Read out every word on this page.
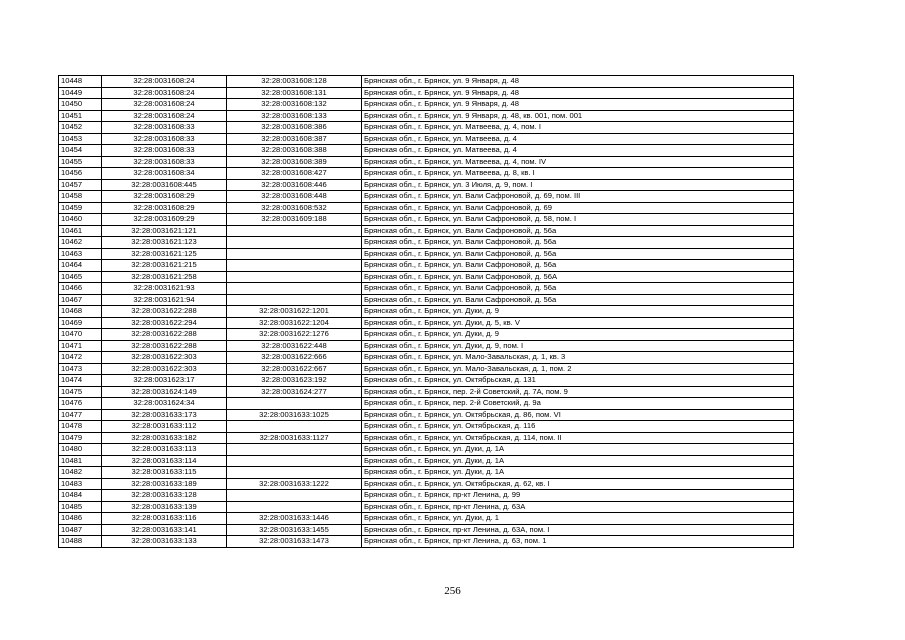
10448	32:28:0031608:24	32:28:0031608:128	Брянская обл., г. Брянск, ул. 9 Января, д. 48
10449	32:28:0031608:24	32:28:0031608:131	Брянская обл., г. Брянск, ул. 9 Января, д. 48
10450	32:28:0031608:24	32:28:0031608:132	Брянская обл., г. Брянск, ул. 9 Января, д. 48
10451	32:28:0031608:24	32:28:0031608:133	Брянская обл., г. Брянск, ул. 9 Января, д. 48, кв. 001, пом. 001
10452	32:28:0031608:33	32:28:0031608:386	Брянская обл., г. Брянск, ул. Матвеева, д. 4, пом. I
10453	32:28:0031608:33	32:28:0031608:387	Брянская обл., г. Брянск, ул. Матвеева, д. 4
10454	32:28:0031608:33	32:28:0031608:388	Брянская обл., г. Брянск, ул. Матвеева, д. 4
10455	32:28:0031608:33	32:28:0031608:389	Брянская обл., г. Брянск, ул. Матвеева, д. 4, пом. IV
10456	32:28:0031608:34	32:28:0031608:427	Брянская обл., г. Брянск, ул. Матвеева, д. 8, кв. I
10457	32:28:0031608:445	32:28:0031608:446	Брянская обл., г. Брянск, ул. 3 Июля, д. 9, пом. I
10458	32:28:0031608:29	32:28:0031608:448	Брянская обл., г. Брянск, ул. Вали Сафроновой, д. 69, пом. III
10459	32:28:0031608:29	32:28:0031608:532	Брянская обл., г. Брянск, ул. Вали Сафроновой, д. 69
10460	32:28:0031609:29	32:28:0031609:188	Брянская обл., г. Брянск, ул. Вали Сафроновой, д. 58, пом. I
10461	32:28:0031621:121		Брянская обл., г. Брянск, ул. Вали Сафроновой, д. 56а
10462	32:28:0031621:123		Брянская обл., г. Брянск, ул. Вали Сафроновой, д. 56а
10463	32:28:0031621:125		Брянская обл., г. Брянск, ул. Вали Сафроновой, д. 56а
10464	32:28:0031621:215		Брянская обл., г. Брянск, ул. Вали Сафроновой, д. 56а
10465	32:28:0031621:258		Брянская обл., г. Брянск, ул. Вали Сафроновой, д. 56А
10466	32:28:0031621:93		Брянская обл., г. Брянск, ул. Вали Сафроновой, д. 56а
10467	32:28:0031621:94		Брянская обл., г. Брянск, ул. Вали Сафроновой, д. 56а
10468	32:28:0031622:288	32:28:0031622:1201	Брянская обл., г. Брянск, ул. Дуки, д. 9
10469	32:28:0031622:294	32:28:0031622:1204	Брянская обл., г. Брянск, ул. Дуки, д. 5, кв. V
10470	32:28:0031622:288	32:28:0031622:1276	Брянская обл., г. Брянск, ул. Дуки, д. 9
10471	32:28:0031622:288	32:28:0031622:448	Брянская обл., г. Брянск, ул. Дуки, д. 9, пом. I
10472	32:28:0031622:303	32:28:0031622:666	Брянская обл., г. Брянск, ул. Мало-Завальская, д. 1, кв. 3
10473	32:28:0031622:303	32:28:0031622:667	Брянская обл., г. Брянск, ул. Мало-Завальская, д. 1, пом. 2
10474	32:28:0031623:17	32:28:0031623:192	Брянская обл., г. Брянск, ул. Октябрьская, д. 131
10475	32:28:0031624:149	32:28:0031624:277	Брянская обл., г. Брянск, пер. 2-й Советский, д. 7А, пом. 9
10476	32:28:0031624:34		Брянская обл., г. Брянск, пер. 2-й Советский, д. 9а
10477	32:28:0031633:173	32:28:0031633:1025	Брянская обл., г. Брянск, ул. Октябрьская, д. 86, пом. VI
10478	32:28:0031633:112		Брянская обл., г. Брянск, ул. Октябрьская, д. 116
10479	32:28:0031633:182	32:28:0031633:1127	Брянская обл., г. Брянск, ул. Октябрьская, д. 114, пом. II
10480	32:28:0031633:113		Брянская обл., г. Брянск, ул. Дуки, д. 1А
10481	32:28:0031633:114		Брянская обл., г. Брянск, ул. Дуки, д. 1А
10482	32:28:0031633:115		Брянская обл., г. Брянск, ул. Дуки, д. 1А
10483	32:28:0031633:189	32:28:0031633:1222	Брянская обл., г. Брянск, ул. Октябрьская, д. 62, кв. I
10484	32:28:0031633:128		Брянская обл., г. Брянск, пр-кт Ленина, д. 99
10485	32:28:0031633:139		Брянская обл., г. Брянск, пр-кт Ленина, д. 63А
10486	32:28:0031633:116	32:28:0031633:1446	Брянская обл., г. Брянск, ул. Дуки, д. 1
10487	32:28:0031633:141	32:28:0031633:1455	Брянская обл., г. Брянск, пр-кт Ленина, д. 63А, пом. I
10488	32:28:0031633:133	32:28:0031633:1473	Брянская обл., г. Брянск, пр-кт Ленина, д. 63, пом. 1
256
